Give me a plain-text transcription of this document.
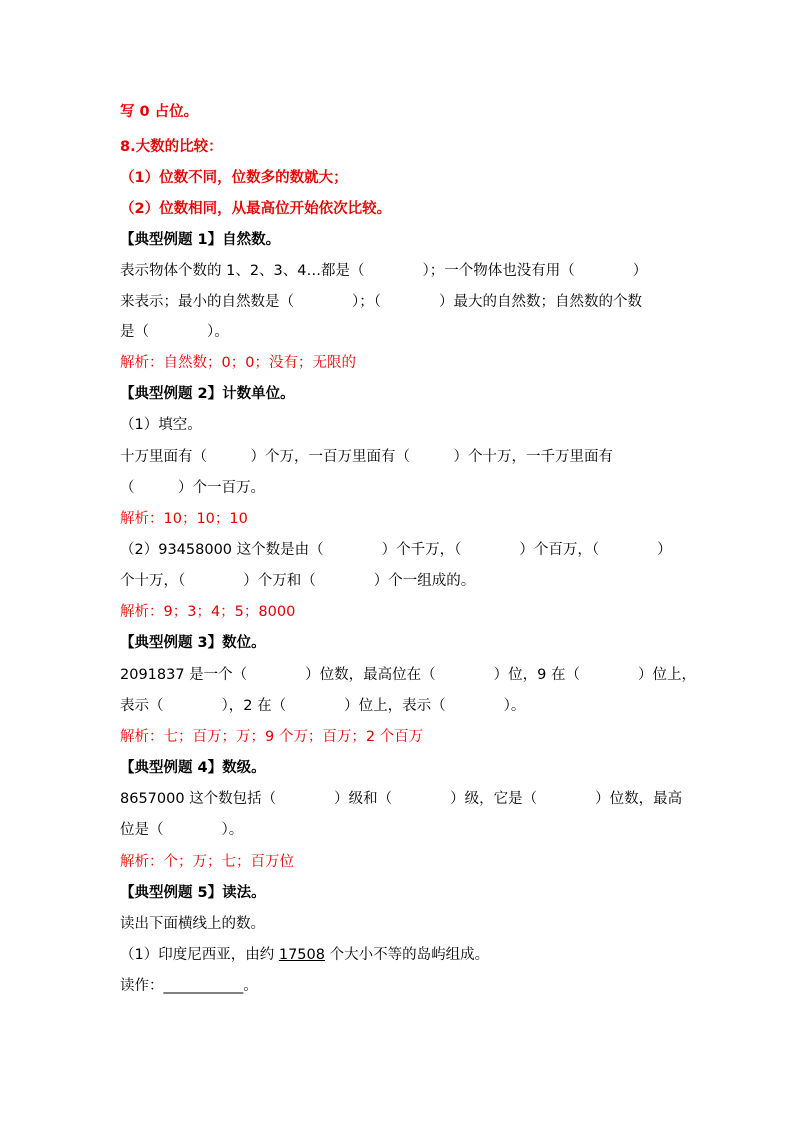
写 0 占位。
8.大数的比较：
（1）位数不同，位数多的数就大；
（2）位数相同，从最高位开始依次比较。
【典型例题 1】自然数。
表示物体个数的 1、2、3、4…都是（　　　　）；一个物体也没有用（　　　　）
来表示；最小的自然数是（　　　　）；（　　　　）最大的自然数；自然数的个数
是（　　　　）。
解析：自然数；0；0；没有；无限的
【典型例题 2】计数单位。
（1）填空。
十万里面有（　　　）个万，一百万里面有（　　　）个十万，一千万里面有
（　　　）个一百万。
解析：10；10；10
（2）93458000 这个数是由（　　　　）个千万，（　　　　）个百万，（　　　　）
个十万，（　　　　）个万和（　　　　）个一组成的。
解析：9；3；4；5；8000
【典型例题 3】数位。
2091837 是一个（　　　　）位数，最高位在（　　　　）位，9 在（　　　　）位上，
表示（　　　　），2 在（　　　　）位上，表示（　　　　）。
解析：七；百万；万；9 个万；百万；2 个百万
【典型例题 4】数级。
8657000 这个数包括（　　　　）级和（　　　　）级，它是（　　　　）位数，最高
位是（　　　　）。
解析：个；万；七；百万位
【典型例题 5】读法。
读出下面横线上的数。
（1）印度尼西亚，由约 17508 个大小不等的岛屿组成。
读作：___________。
